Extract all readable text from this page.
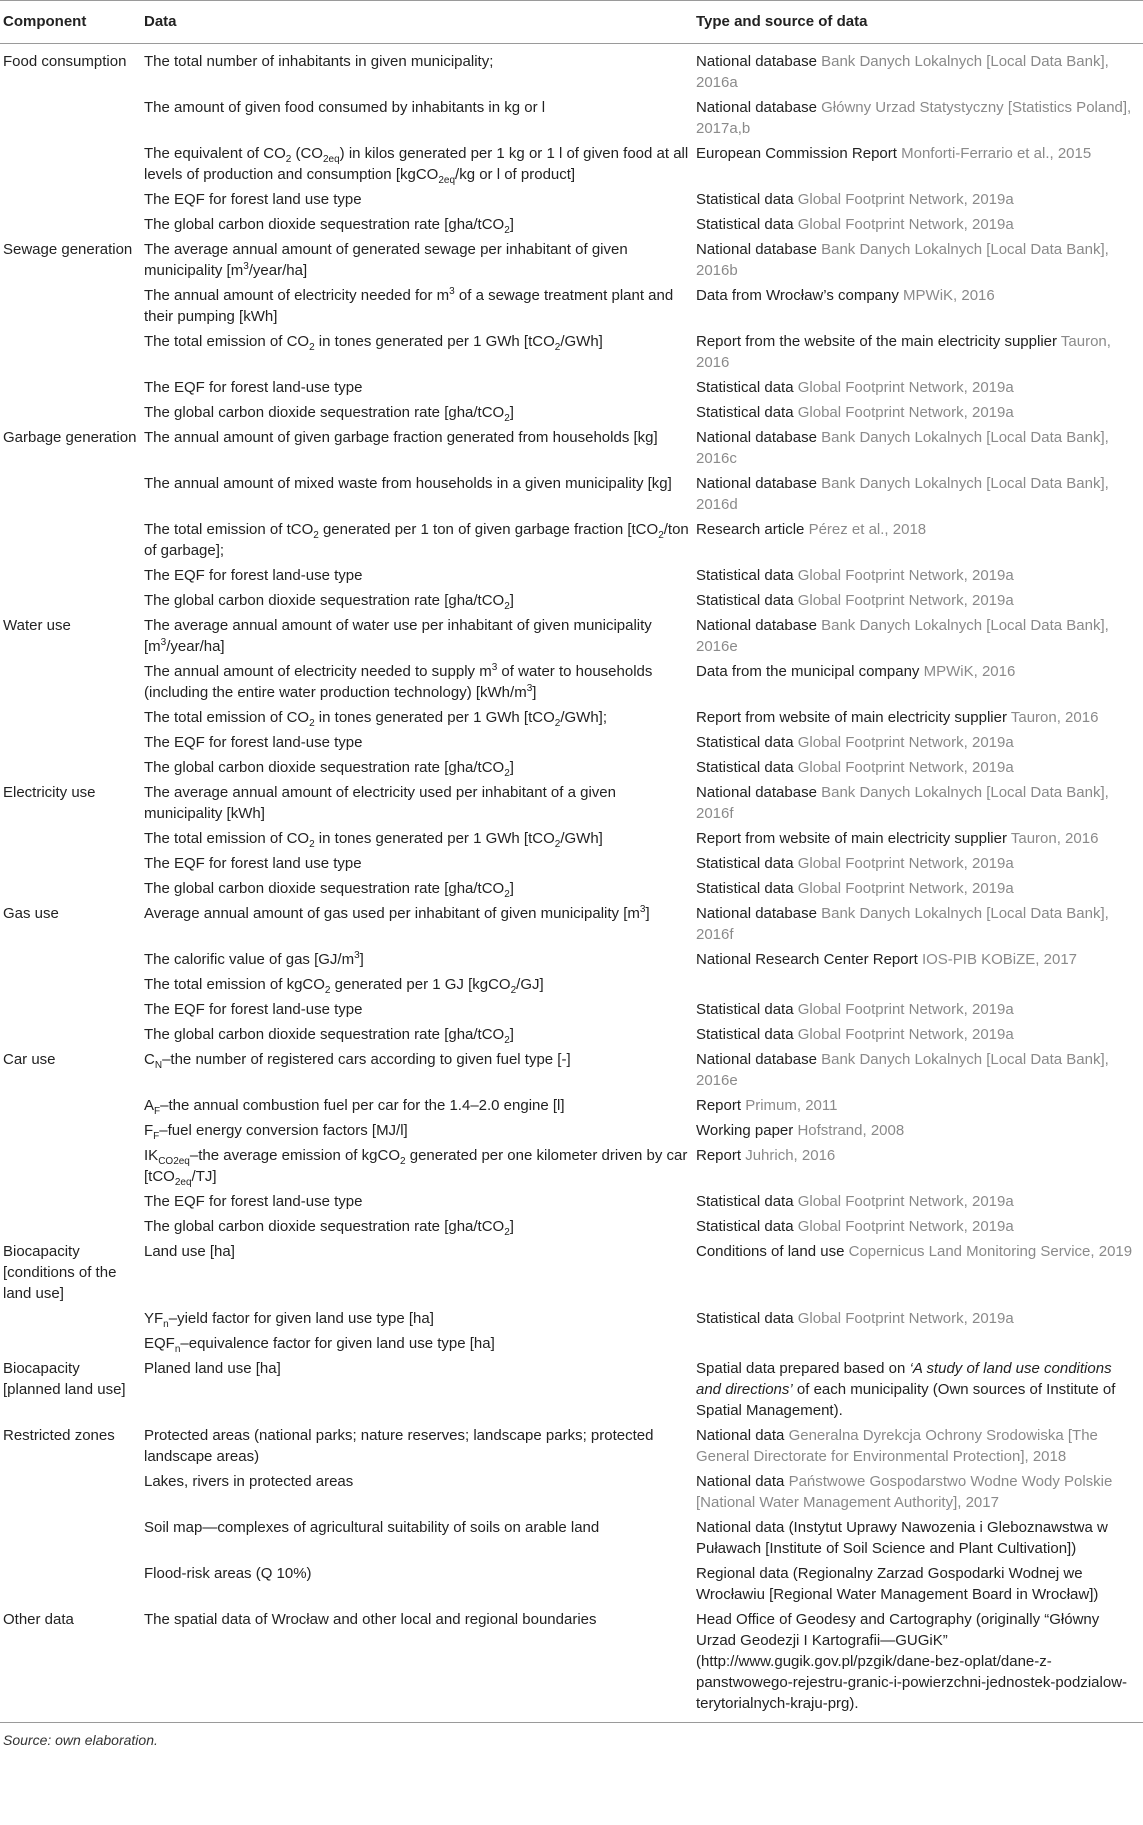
Component	Data	Type and source of data
Food consumption	The total number of inhabitants in given municipality;	National database Bank Danych Lokalnych [Local Data Bank], 2016a
	The amount of given food consumed by inhabitants in kg or l	National database Główny Urzad Statystyczny [Statistics Poland], 2017a,b
	The equivalent of $CO_2$ $(CO_{2eq})$ in kilos generated per 1 kg or 1 l of given food at all levels of production and consumption [kgCO$_{2eq}$/kg or l of product]	European Commission Report Monforti-Ferrario et al., 2015
	The EQF for forest land use type	Statistical data Global Footprint Network, 2019a
	The global carbon dioxide sequestration rate [gha/tCO$_2$]	Statistical data Global Footprint Network, 2019a
Sewage generation	The average annual amount of generated sewage per inhabitant of given municipality $[m^3/year/ha]$	National database Bank Danych Lokalnych [Local Data Bank], 2016b
	The annual amount of electricity needed for $m^3$ of a sewage treatment plant and their pumping [kWh]	Data from Wrocław’s company MPWiK, 2016
	The total emission of $CO_2$ in tones generated per 1 GWh [tCO$_2$/GWh]	Report from the website of the main electricity supplier Tauron, 2016
	The EQF for forest land-use type	Statistical data Global Footprint Network, 2019a
	The global carbon dioxide sequestration rate [gha/tCO$_2$]	Statistical data Global Footprint Network, 2019a
Garbage generation	The annual amount of given garbage fraction generated from households [kg]	National database Bank Danych Lokalnych [Local Data Bank], 2016c
	The annual amount of mixed waste from households in a given municipality [kg]	National database Bank Danych Lokalnych [Local Data Bank], 2016d
	The total emission of tCO$_2$ generated per 1 ton of given garbage fraction [tCO$_2$/ton of garbage];	Research article Pérez et al., 2018
	The EQF for forest land-use type	Statistical data Global Footprint Network, 2019a
	The global carbon dioxide sequestration rate [gha/tCO$_2$]	Statistical data Global Footprint Network, 2019a
Water use	The average annual amount of water use per inhabitant of given municipality $[m^3/year/ha]$	National database Bank Danych Lokalnych [Local Data Bank], 2016e
	The annual amount of electricity needed to supply $m^3$ of water to households (including the entire water production technology) $[kWh/m^3]$	Data from the municipal company MPWiK, 2016
	The total emission of $CO_2$ in tones generated per 1 GWh [tCO$_2$/GWh];	Report from website of main electricity supplier Tauron, 2016
	The EQF for forest land-use type	Statistical data Global Footprint Network, 2019a
	The global carbon dioxide sequestration rate [gha/tCO$_2$]	Statistical data Global Footprint Network, 2019a
Electricity use	The average annual amount of electricity used per inhabitant of a given municipality [kWh]	National database Bank Danych Lokalnych [Local Data Bank], 2016f
	The total emission of $CO_2$ in tones generated per 1 GWh [tCO$_2$/GWh]	Report from website of main electricity supplier Tauron, 2016
	The EQF for forest land use type	Statistical data Global Footprint Network, 2019a
	The global carbon dioxide sequestration rate [gha/tCO$_2$]	Statistical data Global Footprint Network, 2019a
Gas use	Average annual amount of gas used per inhabitant of given municipality $[m^3]$	National database Bank Danych Lokalnych [Local Data Bank], 2016f
	The calorific value of gas $[GJ/m^3]$	National Research Center Report IOS-PIB KOBiZE, 2017
	The total emission of kgCO$_2$ generated per 1 GJ [kgCO$_2$/GJ]	
	The EQF for forest land-use type	Statistical data Global Footprint Network, 2019a
	The global carbon dioxide sequestration rate [gha/tCO$_2$]	Statistical data Global Footprint Network, 2019a
Car use	$C_N$–the number of registered cars according to given fuel type [-]	National database Bank Danych Lokalnych [Local Data Bank], 2016e
	$A_F$–the annual combustion fuel per car for the 1.4–2.0 engine [l]	Report Primum, 2011
	$F_F$–fuel energy conversion factors [MJ/l]	Working paper Hofstrand, 2008
	$IK_{CO2eq}$–the average emission of kgCO$_2$ generated per one kilometer driven by car [tCO$_{2eq}$/TJ]	Report Juhrich, 2016
	The EQF for forest land-use type	Statistical data Global Footprint Network, 2019a
	The global carbon dioxide sequestration rate [gha/tCO$_2$]	Statistical data Global Footprint Network, 2019a
Biocapacity [conditions of the land use]	Land use [ha]	Conditions of land use Copernicus Land Monitoring Service, 2019
	$YF_n$–yield factor for given land use type [ha]	Statistical data Global Footprint Network, 2019a
	$EQF_n$–equivalence factor for given land use type [ha]	
Biocapacity [planned land use]	Planed land use [ha]	Spatial data prepared based on ‘A study of land use conditions and directions’ of each municipality (Own sources of Institute of Spatial Management).
Restricted zones	Protected areas (national parks; nature reserves; landscape parks; protected landscape areas)	National data Generalna Dyrekcja Ochrony Srodowiska [The General Directorate for Environmental Protection], 2018
	Lakes, rivers in protected areas	National data Państwowe Gospodarstwo Wodne Wody Polskie [National Water Management Authority], 2017
	Soil map—complexes of agricultural suitability of soils on arable land	National data (Instytut Uprawy Nawozenia i Gleboznawstwa w Puławach [Institute of Soil Science and Plant Cultivation])
	Flood-risk areas (Q 10%)	Regional data (Regionalny Zarzad Gospodarki Wodnej we Wrocławiu [Regional Water Management Board in Wrocław])
Other data	The spatial data of Wrocław and other local and regional boundaries	Head Office of Geodesy and Cartography (originally “Główny Urzad Geodezji I Kartografii—GUGiK” (http://www.gugik.gov.pl/pzgik/dane-bez-oplat/dane-z-panstwowego-rejestru-granic-i-powierzchni-jednostek-podzialow-terytorialnych-kraju-prg).
Source: own elaboration.
